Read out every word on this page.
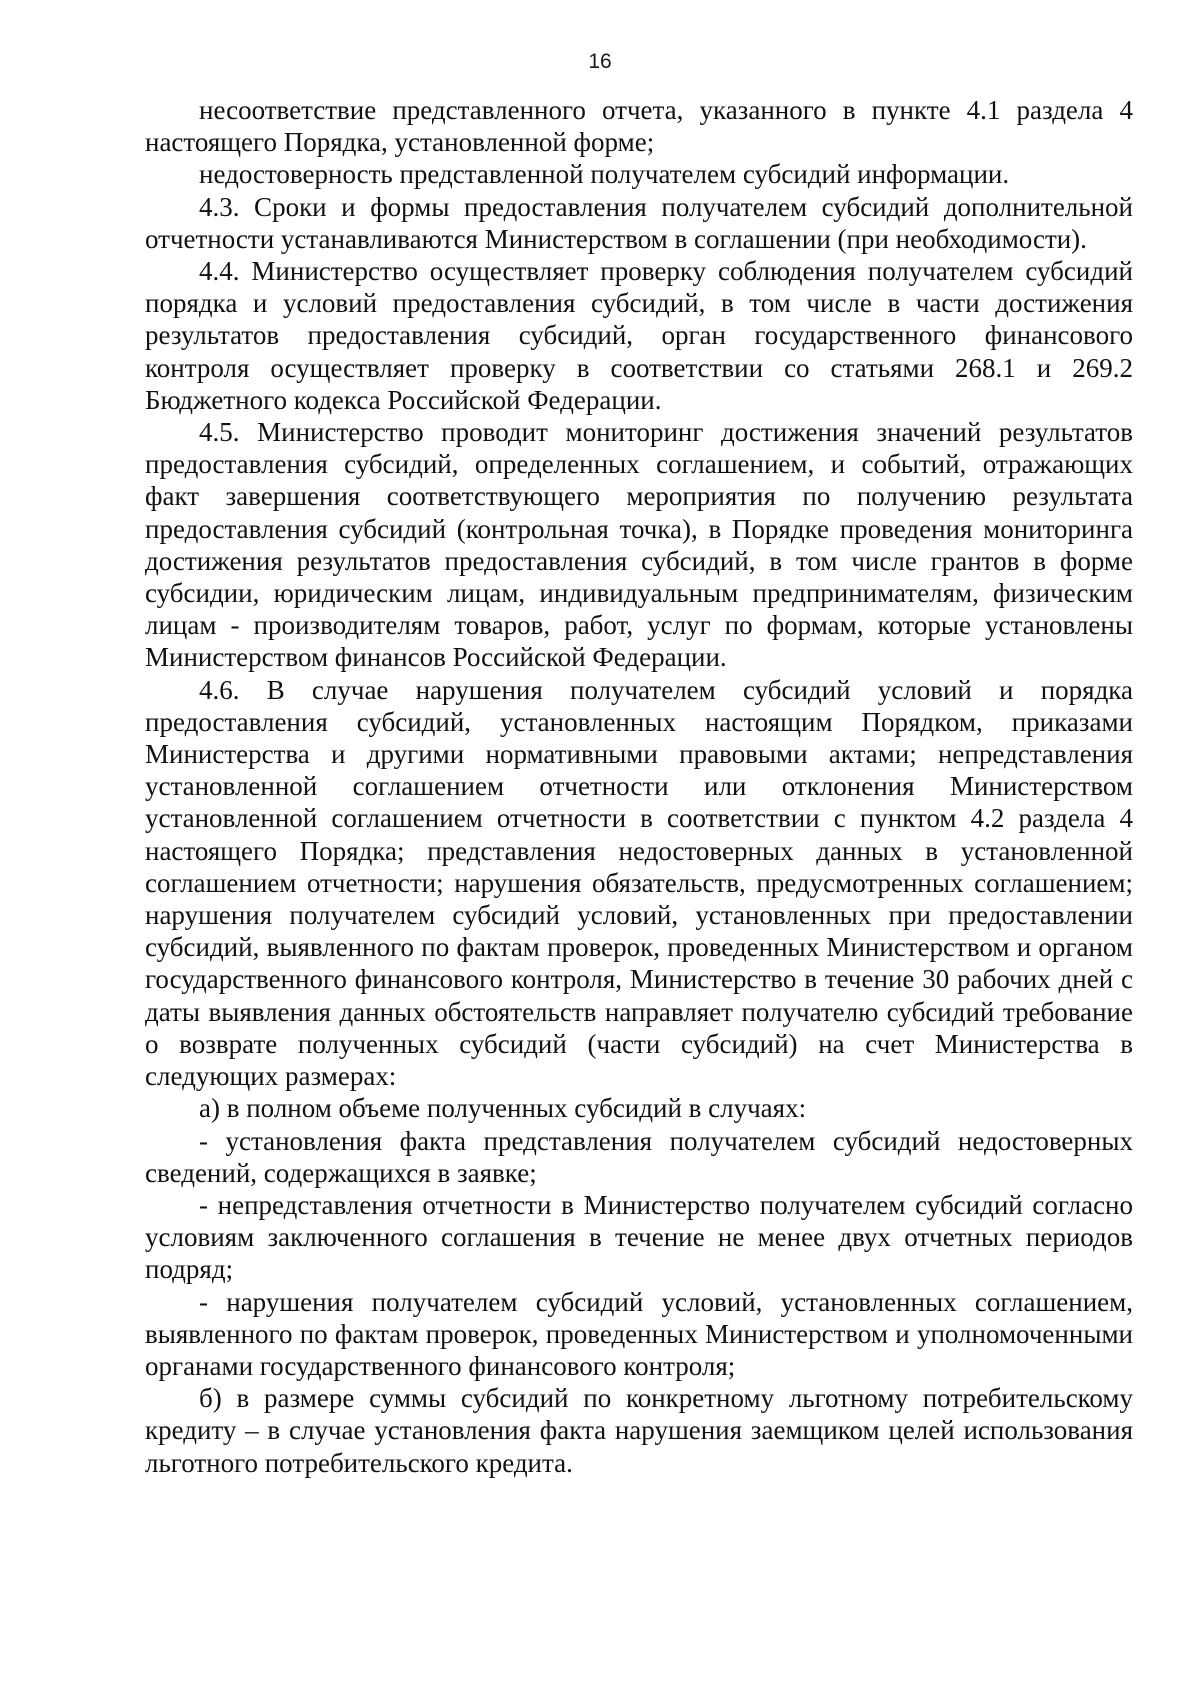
16

несоответствие представленного отчета, указанного в пункте 4.1 раздела 4 настоящего Порядка, установленной форме;

недостоверность представленной получателем субсидий информации.

4.3. Сроки и формы предоставления получателем субсидий дополнительной отчетности устанавливаются Министерством в соглашении (при необходимости).

4.4. Министерство осуществляет проверку соблюдения получателем субсидий порядка и условий предоставления субсидий, в том числе в части достижения результатов предоставления субсидий, орган государственного финансового контроля осуществляет проверку в соответствии со статьями 268.1 и 269.2 Бюджетного кодекса Российской Федерации.

4.5. Министерство проводит мониторинг достижения значений результатов предоставления субсидий, определенных соглашением, и событий, отражающих факт завершения соответствующего мероприятия по получению результата предоставления субсидий (контрольная точка), в Порядке проведения мониторинга достижения результатов предоставления субсидий, в том числе грантов в форме субсидии, юридическим лицам, индивидуальным предпринимателям, физическим лицам - производителям товаров, работ, услуг по формам, которые установлены Министерством финансов Российской Федерации.

4.6. В случае нарушения получателем субсидий условий и порядка предоставления субсидий, установленных настоящим Порядком, приказами Министерства и другими нормативными правовыми актами; непредставления установленной соглашением отчетности или отклонения Министерством установленной соглашением отчетности в соответствии с пунктом 4.2 раздела 4 настоящего Порядка; представления недостоверных данных в установленной соглашением отчетности; нарушения обязательств, предусмотренных соглашением; нарушения получателем субсидий условий, установленных при предоставлении субсидий, выявленного по фактам проверок, проведенных Министерством и органом государственного финансового контроля, Министерство в течение 30 рабочих дней с даты выявления данных обстоятельств направляет получателю субсидий требование о возврате полученных субсидий (части субсидий) на счет Министерства в следующих размерах:

а) в полном объеме полученных субсидий в случаях:

- установления факта представления получателем субсидий недостоверных сведений, содержащихся в заявке;

- непредставления отчетности в Министерство получателем субсидий согласно условиям заключенного соглашения в течение не менее двух отчетных периодов подряд;

- нарушения получателем субсидий условий, установленных соглашением, выявленного по фактам проверок, проведенных Министерством и уполномоченными органами государственного финансового контроля;

б) в размере суммы субсидий по конкретному льготному потребительскому кредиту – в случае установления факта нарушения заемщиком целей использования льготного потребительского кредита.
